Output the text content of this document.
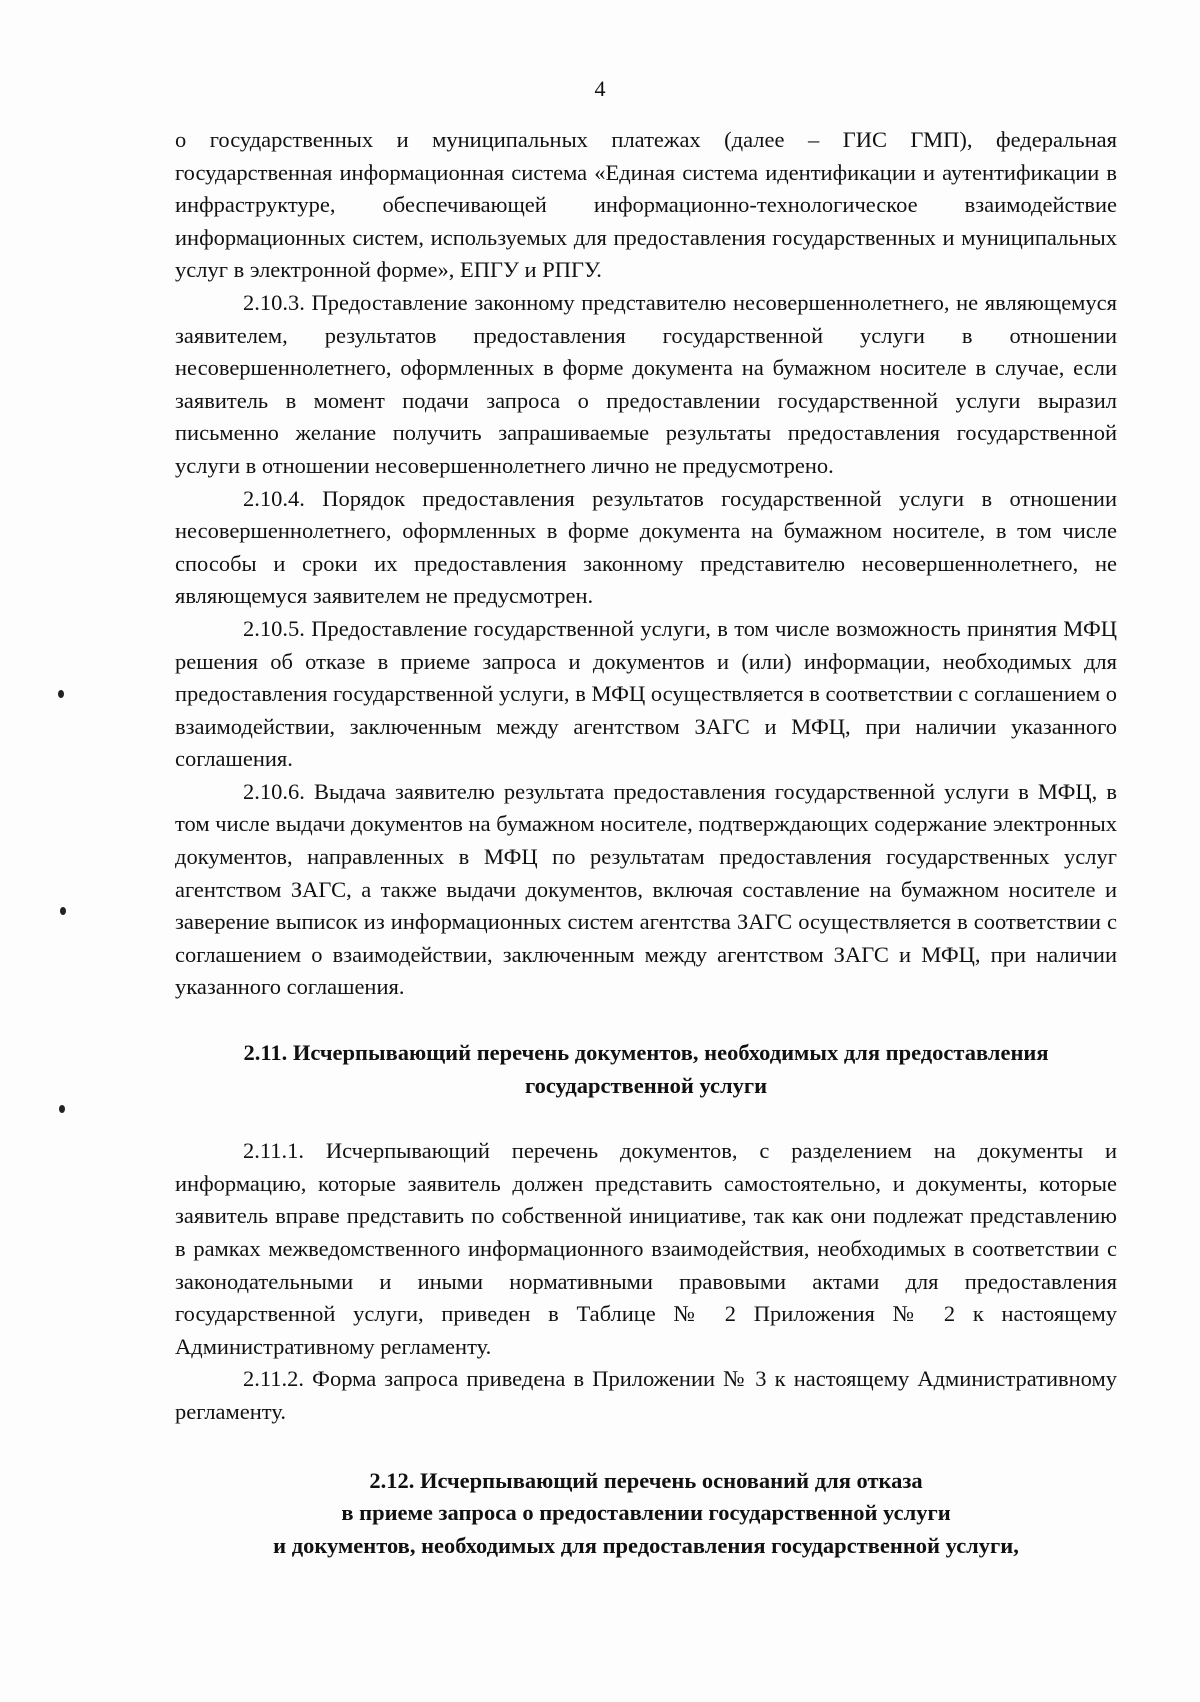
4

о государственных и муниципальных платежах (далее – ГИС ГМП), федеральная государственная информационная система «Единая система идентификации и аутентификации в инфраструктуре, обеспечивающей информационно-технологическое взаимодействие информационных систем, используемых для предоставления государственных и муниципальных услуг в электронной форме», ЕПГУ и РПГУ.

2.10.3. Предоставление законному представителю несовершеннолетнего, не являющемуся заявителем, результатов предоставления государственной услуги в отношении несовершеннолетнего, оформленных в форме документа на бумажном носителе в случае, если заявитель в момент подачи запроса о предоставлении государственной услуги выразил письменно желание получить запрашиваемые результаты предоставления государственной услуги в отношении несовершеннолетнего лично не предусмотрено.

2.10.4. Порядок предоставления результатов государственной услуги в отношении несовершеннолетнего, оформленных в форме документа на бумажном носителе, в том числе способы и сроки их предоставления законному представителю несовершеннолетнего, не являющемуся заявителем не предусмотрен.

2.10.5. Предоставление государственной услуги, в том числе возможность принятия МФЦ решения об отказе в приеме запроса и документов и (или) информации, необходимых для предоставления государственной услуги, в МФЦ осуществляется в соответствии с соглашением о взаимодействии, заключенным между агентством ЗАГС и МФЦ, при наличии указанного соглашения.

2.10.6. Выдача заявителю результата предоставления государственной услуги в МФЦ, в том числе выдачи документов на бумажном носителе, подтверждающих содержание электронных документов, направленных в МФЦ по результатам предоставления государственных услуг агентством ЗАГС, а также выдачи документов, включая составление на бумажном носителе и заверение выписок из информационных систем агентства ЗАГС осуществляется в соответствии с соглашением о взаимодействии, заключенным между агентством ЗАГС и МФЦ, при наличии указанного соглашения.

2.11. Исчерпывающий перечень документов, необходимых для предоставления
государственной услуги

2.11.1. Исчерпывающий перечень документов, с разделением на документы и информацию, которые заявитель должен представить самостоятельно, и документы, которые заявитель вправе представить по собственной инициативе, так как они подлежат представлению в рамках межведомственного информационного взаимодействия, необходимых в соответствии с законодательными и иными нормативными правовыми актами для предоставления государственной услуги, приведен в Таблице № 2 Приложения № 2 к настоящему Административному регламенту.

2.11.2. Форма запроса приведена в Приложении № 3 к настоящему Административному регламенту.

2.12. Исчерпывающий перечень оснований для отказа
в приеме запроса о предоставлении государственной услуги
и документов, необходимых для предоставления государственной услуги,
